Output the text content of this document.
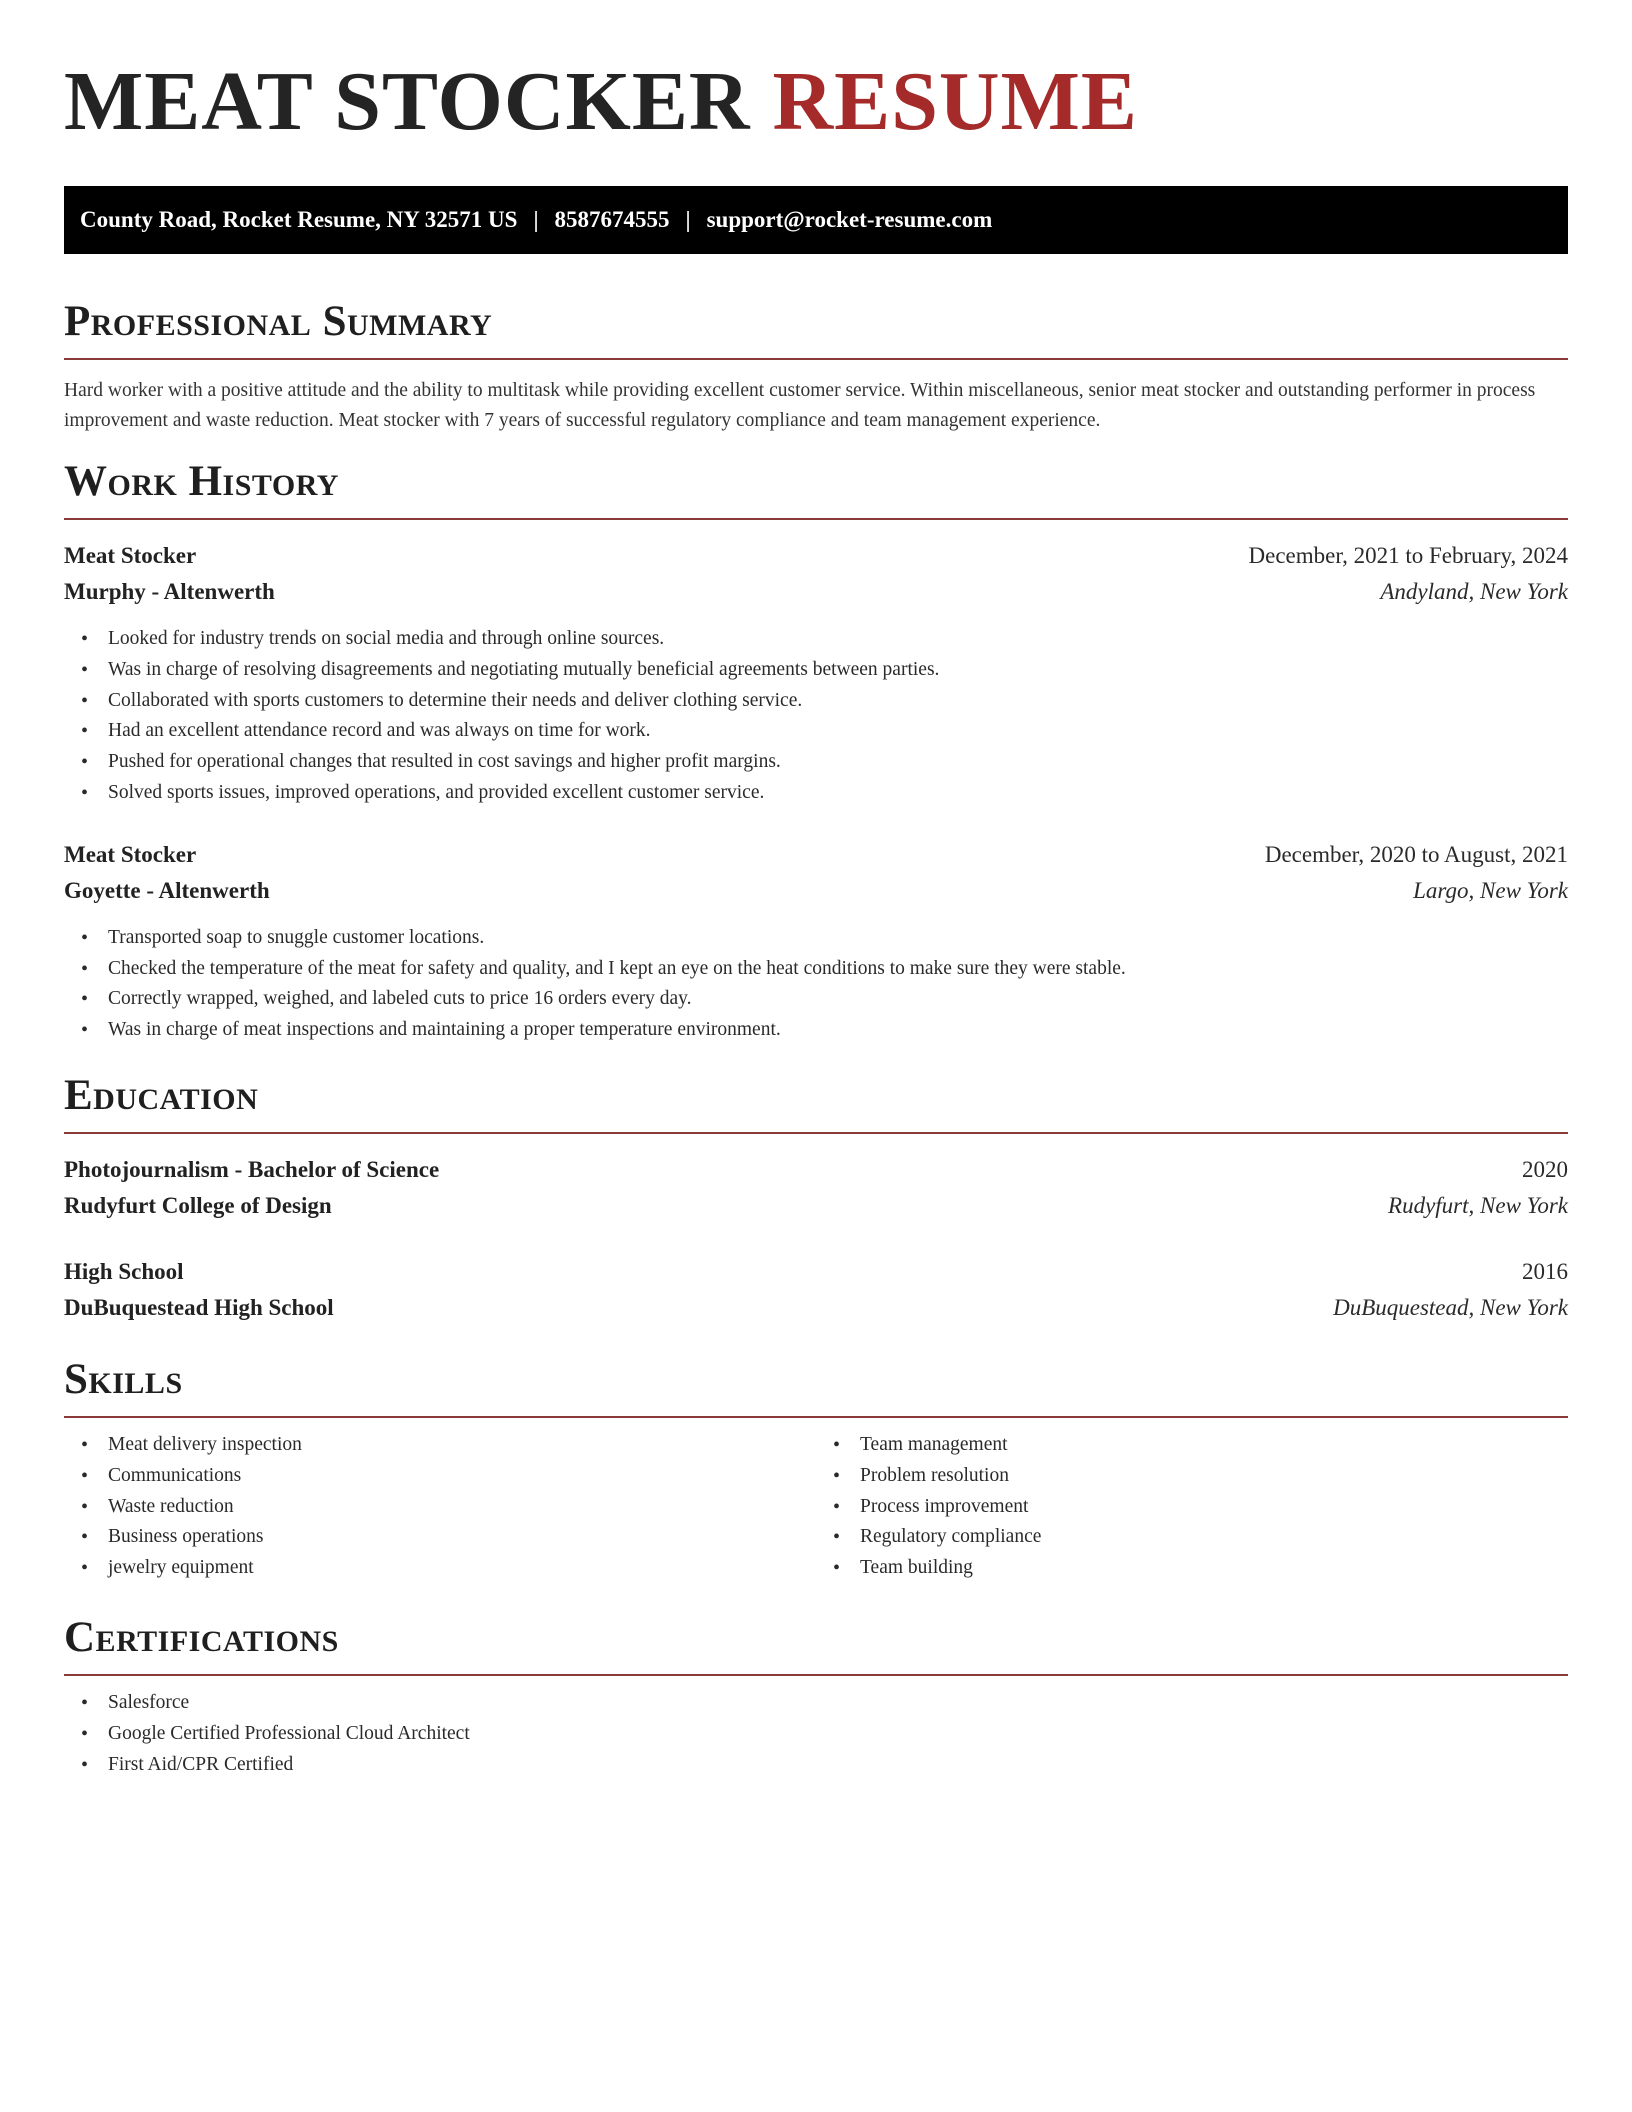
MEAT STOCKER RESUME
County Road, Rocket Resume, NY 32571 US | 8587674555 | support@rocket-resume.com
Professional Summary

Hard worker with a positive attitude and the ability to multitask while providing excellent customer service. Within miscellaneous, senior meat stocker and outstanding performer in process improvement and waste reduction. Meat stocker with 7 years of successful regulatory compliance and team management experience.

Work History
Meat Stocker	December, 2021 to February, 2024
Murphy - Altenwerth	Andyland, New York
• Looked for industry trends on social media and through online sources.
• Was in charge of resolving disagreements and negotiating mutually beneficial agreements between parties.
• Collaborated with sports customers to determine their needs and deliver clothing service.
• Had an excellent attendance record and was always on time for work.
• Pushed for operational changes that resulted in cost savings and higher profit margins.
• Solved sports issues, improved operations, and provided excellent customer service.
Meat Stocker	December, 2020 to August, 2021
Goyette - Altenwerth	Largo, New York
• Transported soap to snuggle customer locations.
• Checked the temperature of the meat for safety and quality, and I kept an eye on the heat conditions to make sure they were stable.
• Correctly wrapped, weighed, and labeled cuts to price 16 orders every day.
• Was in charge of meat inspections and maintaining a proper temperature environment.
Education
Photojournalism - Bachelor of Science	2020
Rudyfurt College of Design	Rudyfurt, New York
High School	2016
DuBuquestead High School	DuBuquestead, New York
Skills
• Meat delivery inspection
• Communications
• Waste reduction
• Business operations
• jewelry equipment
• Team management
• Problem resolution
• Process improvement
• Regulatory compliance
• Team building
Certifications
• Salesforce
• Google Certified Professional Cloud Architect
• First Aid/CPR Certified
